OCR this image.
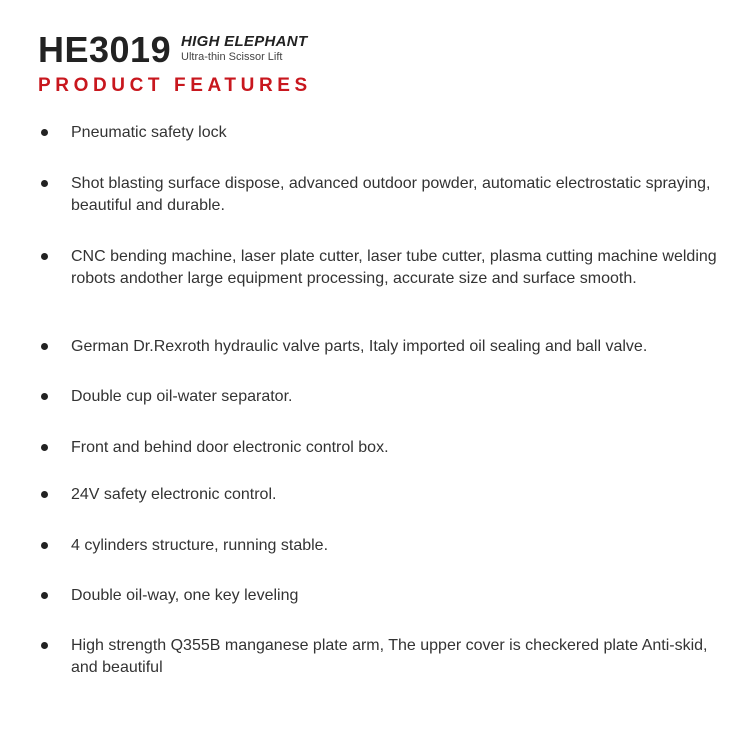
HE3019 HIGH ELEPHANT
Ultra-thin Scissor Lift
PRODUCT FEATURES
Pneumatic safety lock
Shot blasting surface dispose, advanced outdoor powder, automatic electrostatic spraying, beautiful and durable.
CNC bending machine, laser plate cutter, laser tube cutter, plasma cutting machine welding robots andother large equipment processing, accurate size and surface smooth.
German Dr.Rexroth hydraulic valve parts, Italy imported oil sealing and ball valve.
Double cup oil-water separator.
Front and behind door electronic control box.
24V safety electronic control.
4 cylinders structure, running stable.
Double oil-way, one key leveling
High strength Q355B manganese plate arm, The upper cover is checkered plate Anti-skid, and beautiful
